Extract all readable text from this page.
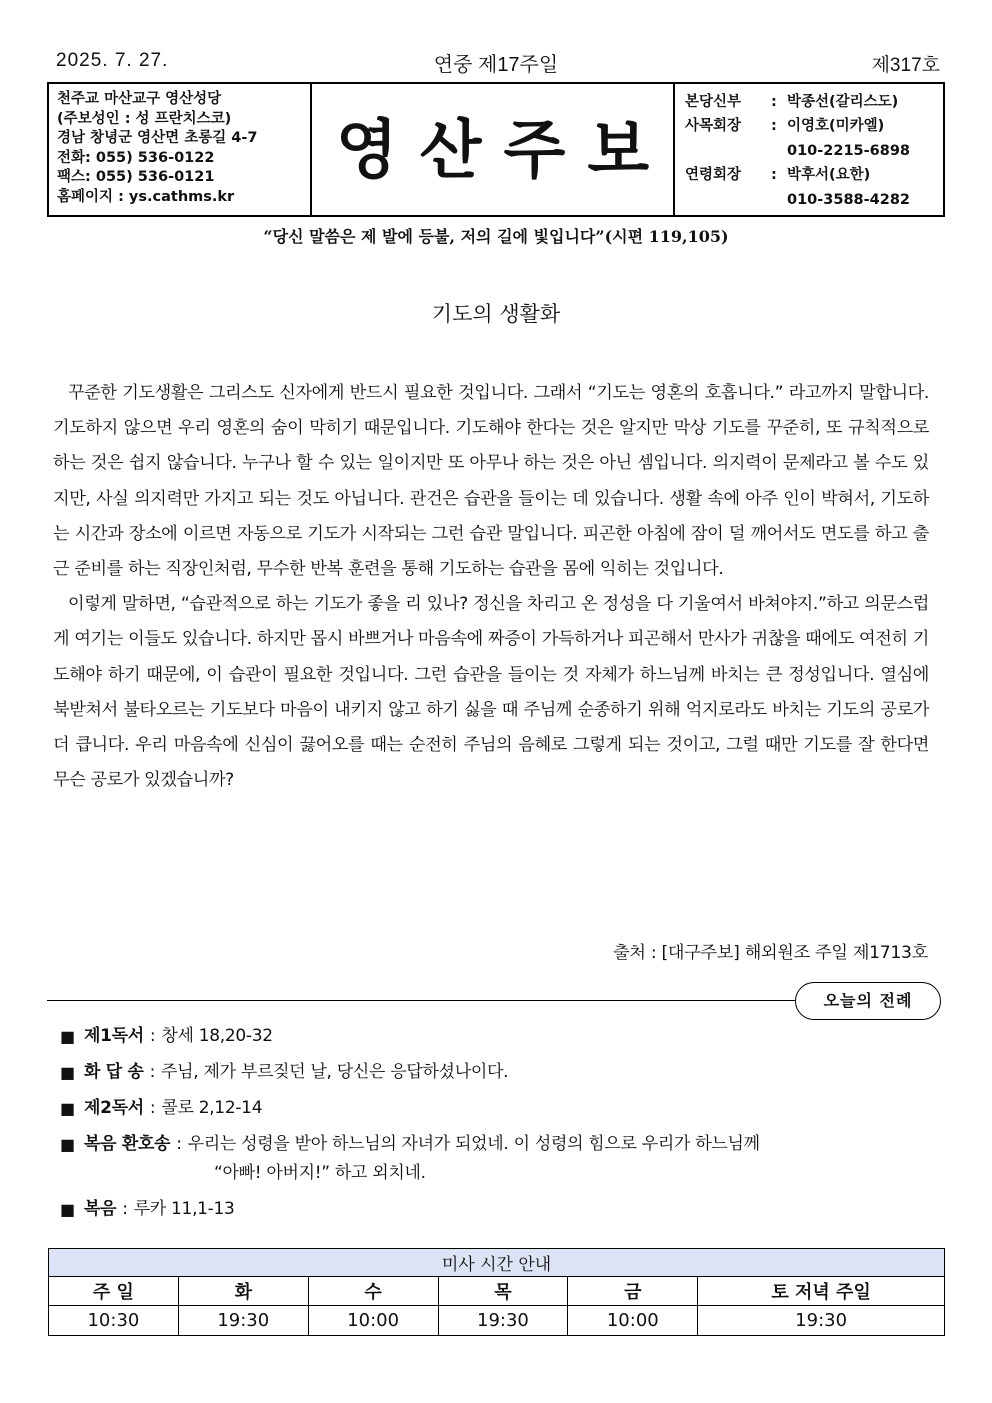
2025. 7. 27.	연중 제17주일	제317호
천주교 마산교구 영산성당
(주보성인 : 성 프란치스코)
경남 창녕군 영산면 초롱길 4-7
전화: 055) 536-0122
팩스: 055) 536-0121
홈페이지 : ys.cathms.kr
영산주보
본당신부	: 박종선(갈리스도)
사목회장	: 이영호(미카엘)
010-2215-6898
연령회장	: 박후서(요한)
010-3588-4282
“당신 말씀은 제 발에 등불, 저의 길에 빛입니다”(시편 119,105)
기도의 생활화

꾸준한 기도생활은 그리스도 신자에게 반드시 필요한 것입니다. 그래서 “기도는 영혼의 호흡니다.” 라고까지 말합니다. 기도하지 않으면 우리 영혼의 숨이 막히기 때문입니다. 기도해야 한다는 것은 알지만 막상 기도를 꾸준히, 또 규칙적으로 하는 것은 쉽지 않습니다. 누구나 할 수 있는 일이지만 또 아무나 하는 것은 아닌 셈입니다. 의지력이 문제라고 볼 수도 있지만, 사실 의지력만 가지고 되는 것도 아닙니다. 관건은 습관을 들이는 데 있습니다. 생활 속에 아주 인이 박혀서, 기도하는 시간과 장소에 이르면 자동으로 기도가 시작되는 그런 습관 말입니다. 피곤한 아침에 잠이 덜 깨어서도 면도를 하고 출근 준비를 하는 직장인처럼, 무수한 반복 훈련을 통해 기도하는 습관을 몸에 익히는 것입니다.

이렇게 말하면, “습관적으로 하는 기도가 좋을 리 있나? 정신을 차리고 온 정성을 다 기울여서 바쳐야지.”하고 의문스럽게 여기는 이들도 있습니다. 하지만 몹시 바쁘거나 마음속에 짜증이 가득하거나 피곤해서 만사가 귀찮을 때에도 여전히 기도해야 하기 때문에, 이 습관이 필요한 것입니다. 그런 습관을 들이는 것 자체가 하느님께 바치는 큰 정성입니다. 열심에 북받쳐서 불타오르는 기도보다 마음이 내키지 않고 하기 싫을 때 주님께 순종하기 위해 억지로라도 바치는 기도의 공로가 더 큽니다. 우리 마음속에 신심이 끓어오를 때는 순전히 주님의 음혜로 그렇게 되는 것이고, 그럴 때만 기도를 잘 한다면 무슨 공로가 있겠습니까?

출처 : [대구주보] 해외원조 주일 제1713호
오늘의 전례
■ 제1독서 : 창세 18,20-32
■ 화 답 송 : 주님, 제가 부르짖던 날, 당신은 응답하셨나이다.
■ 제2독서 : 콜로 2,12-14
■ 복음 환호송 : 우리는 성령을 받아 하느님의 자녀가 되었네. 이 성령의 힘으로 우리가 하느님께
“아빠! 아버지!” 하고 외치네.
■ 복음 : 루카 11,1-13
미사 시간 안내					
주 일	화	수	목	금	토 저녁 주일
10:30	19:30	10:00	19:30	10:00	19:30
